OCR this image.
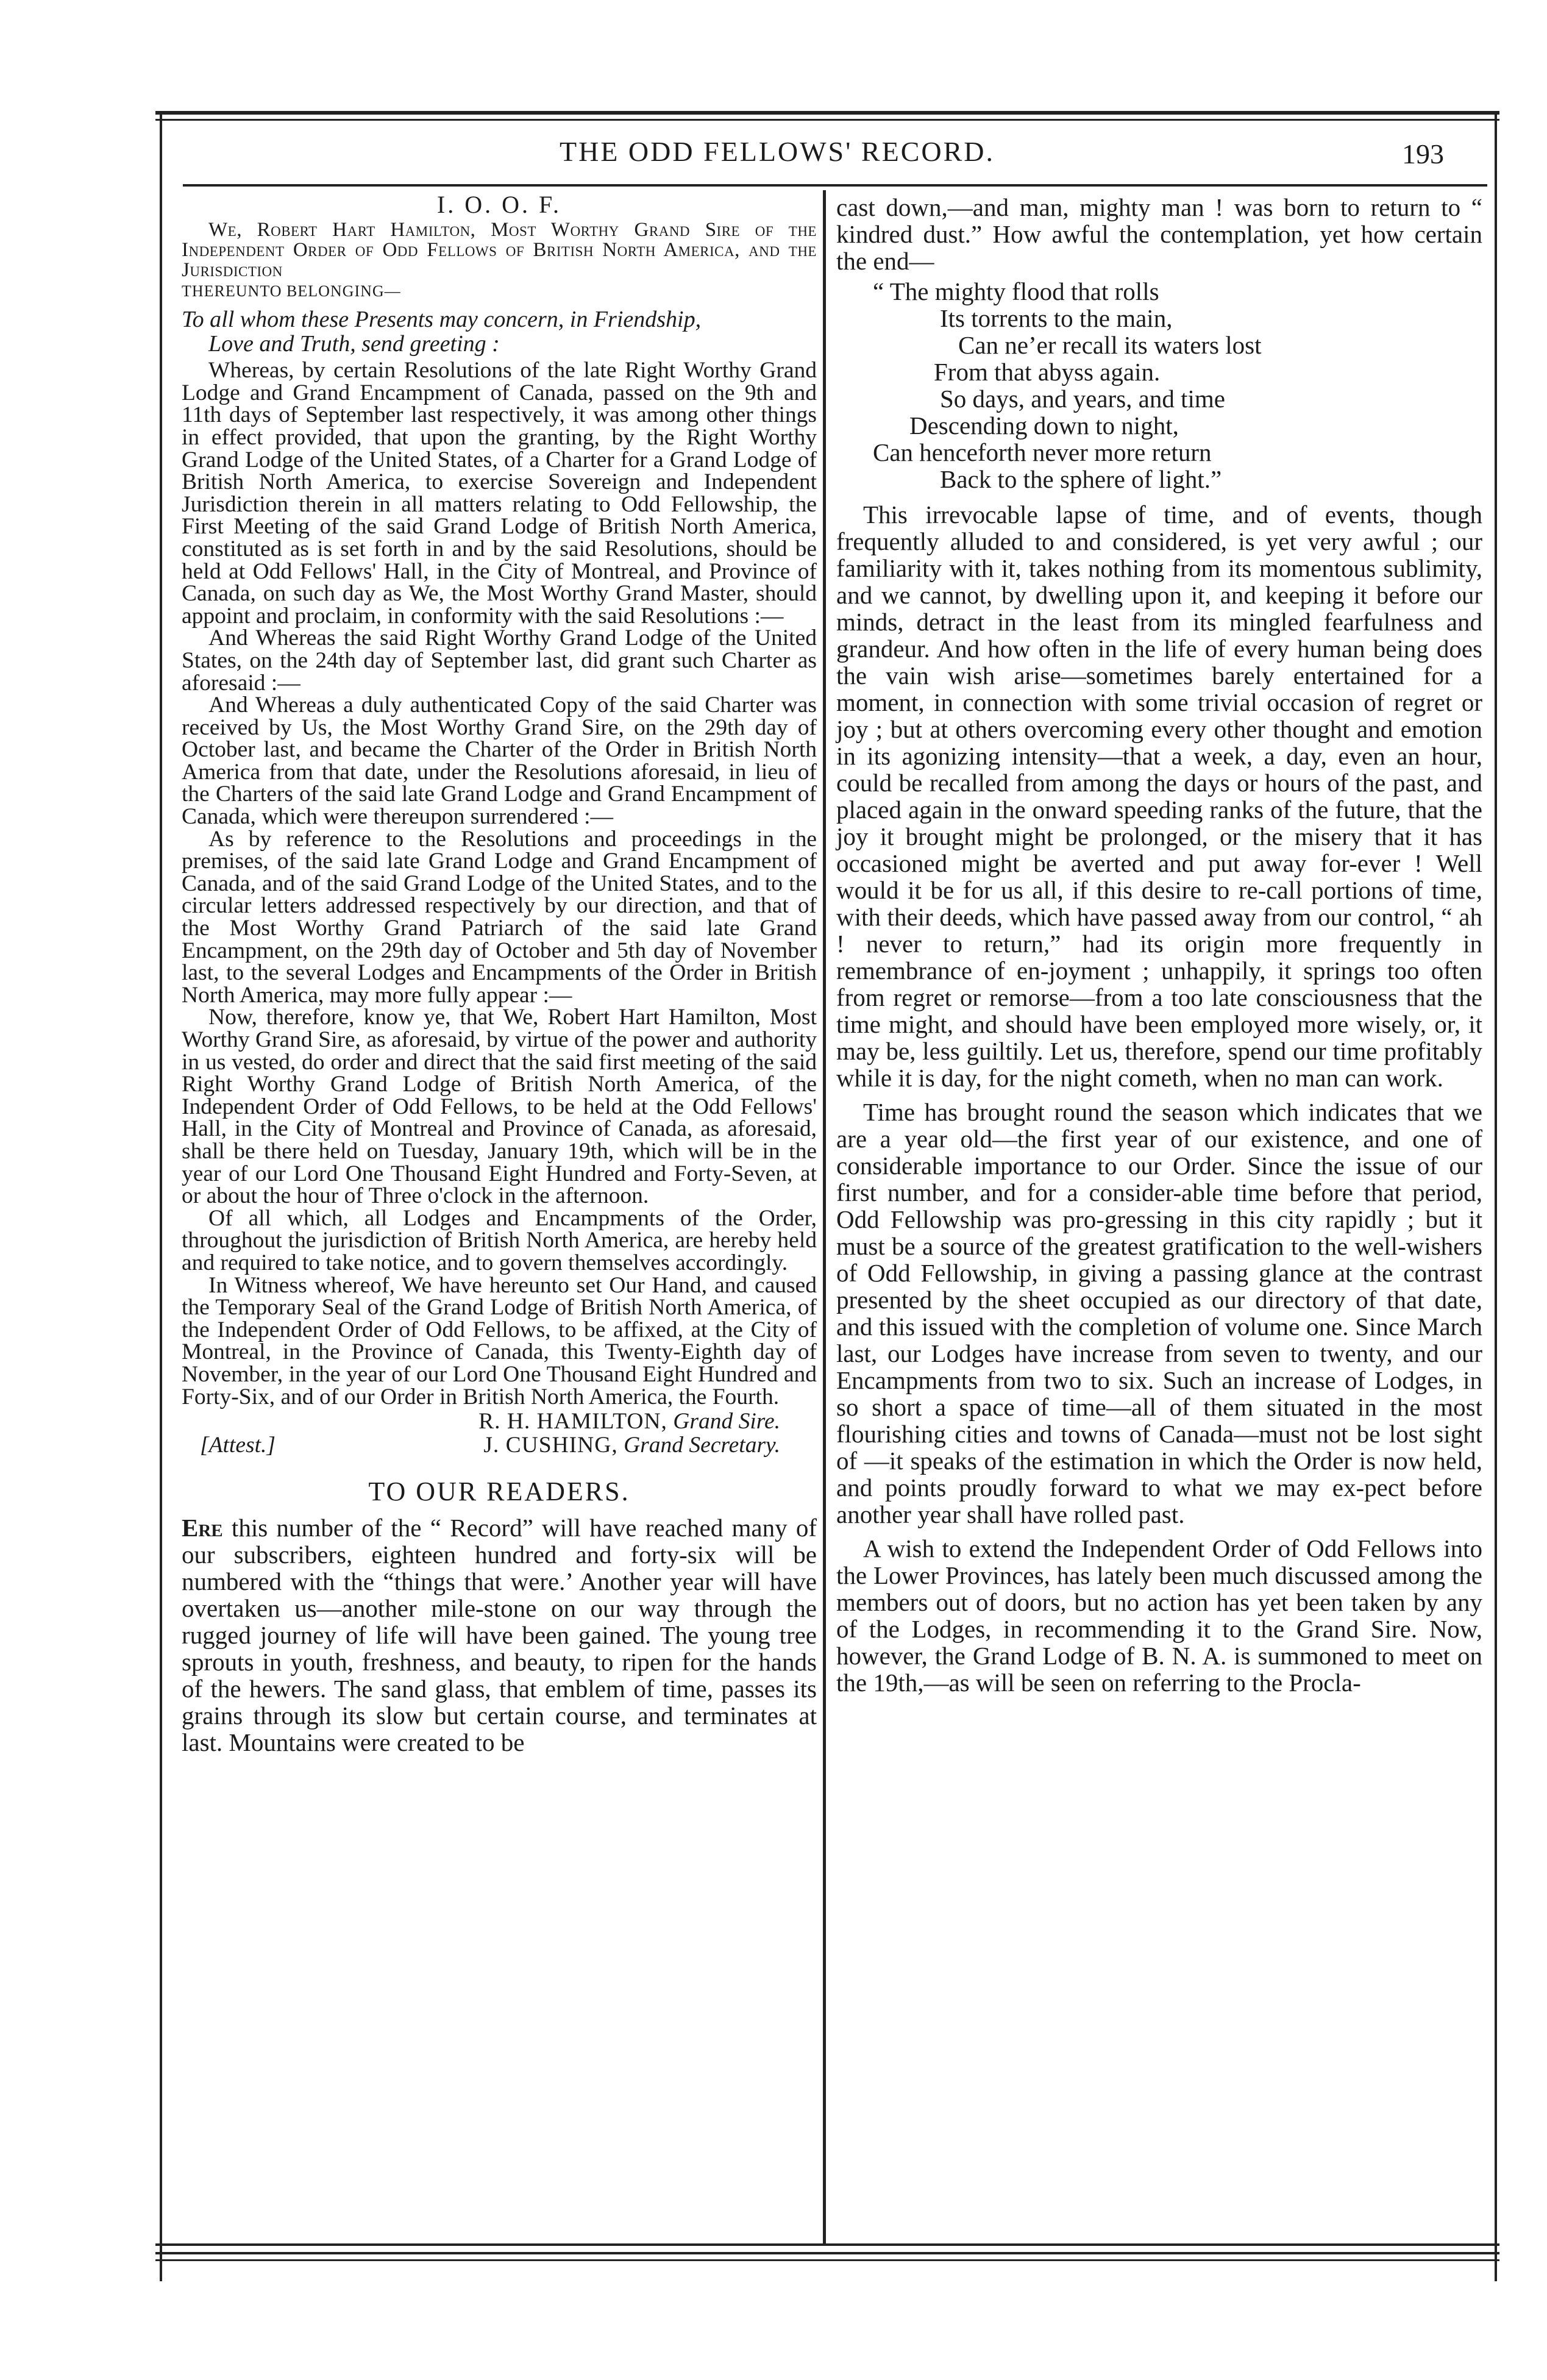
THE ODD FELLOWS' RECORD.	193
I. O. O. F.

We, Robert Hart Hamilton, Most Worthy Grand Sire of the Independent Order of Odd Fellows of British North America, and the Jurisdiction

THEREUNTO BELONGING—

To all whom these Presents may concern, in Friendship,
Love and Truth, send greeting :

Whereas, by certain Resolutions of the late Right Worthy Grand Lodge and Grand Encampment of Canada, passed on the 9th and 11th days of September last respectively, it was among other things in effect provided, that upon the granting, by the Right Worthy Grand Lodge of the United States, of a Charter for a Grand Lodge of British North America, to exercise Sovereign and Independent Jurisdiction therein in all matters relating to Odd Fellowship, the First Meeting of the said Grand Lodge of British North America, constituted as is set forth in and by the said Resolutions, should be held at Odd Fellows' Hall, in the City of Montreal, and Province of Canada, on such day as We, the Most Worthy Grand Master, should appoint and proclaim, in conformity with the said Resolutions :—

And Whereas the said Right Worthy Grand Lodge of the United States, on the 24th day of September last, did grant such Charter as aforesaid :—

And Whereas a duly authenticated Copy of the said Charter was received by Us, the Most Worthy Grand Sire, on the 29th day of October last, and became the Charter of the Order in British North America from that date, under the Resolutions aforesaid, in lieu of the Charters of the said late Grand Lodge and Grand Encampment of Canada, which were thereupon surrendered :—

As by reference to the Resolutions and proceedings in the premises, of the said late Grand Lodge and Grand Encampment of Canada, and of the said Grand Lodge of the United States, and to the circular letters addressed respectively by our direction, and that of the Most Worthy Grand Patriarch of the said late Grand Encampment, on the 29th day of October and 5th day of November last, to the several Lodges and Encampments of the Order in British North America, may more fully appear :—

Now, therefore, know ye, that We, Robert Hart Hamilton, Most Worthy Grand Sire, as aforesaid, by virtue of the power and authority in us vested, do order and direct that the said first meeting of the said Right Worthy Grand Lodge of British North America, of the Independent Order of Odd Fellows, to be held at the Odd Fellows' Hall, in the City of Montreal and Province of Canada, as aforesaid, shall be there held on Tuesday, January 19th, which will be in the year of our Lord One Thousand Eight Hundred and Forty-Seven, at or about the hour of Three o'clock in the afternoon.

Of all which, all Lodges and Encampments of the Order, throughout the jurisdiction of British North America, are hereby held and required to take notice, and to govern themselves accordingly.

In Witness whereof, We have hereunto set Our Hand, and caused the Temporary Seal of the Grand Lodge of British North America, of the Independent Order of Odd Fellows, to be affixed, at the City of Montreal, in the Province of Canada, this Twenty-Eighth day of November, in the year of our Lord One Thousand Eight Hundred and Forty-Six, and of our Order in British North America, the Fourth.

R. H. HAMILTON, Grand Sire.
[Attest.]	J. CUSHING, Grand Secretary.
TO OUR READERS.

Ere this number of the “ Record” will have reached many of our subscribers, eighteen hundred and forty-six will be numbered with the “things that were.’ Another year will have overtaken us—another mile-stone on our way through the rugged journey of life will have been gained. The young tree sprouts in youth, freshness, and beauty, to ripen for the hands of the hewers. The sand glass, that emblem of time, passes its grains through its slow but certain course, and terminates at last. Mountains were created to be

cast down,—and man, mighty man ! was born to return to “ kindred dust.” How awful the contemplation, yet how certain the end—

“ The mighty flood that rolls
Its torrents to the main,
Can ne’er recall its waters lost
From that abyss again.
So days, and years, and time
Descending down to night,
Can henceforth never more return
Back to the sphere of light.”

This irrevocable lapse of time, and of events, though frequently alluded to and considered, is yet very awful ; our familiarity with it, takes nothing from its momentous sublimity, and we cannot, by dwelling upon it, and keeping it before our minds, detract in the least from its mingled fearfulness and grandeur. And how often in the life of every human being does the vain wish arise—sometimes barely entertained for a moment, in connection with some trivial occasion of regret or joy ; but at others overcoming every other thought and emotion in its agonizing intensity—that a week, a day, even an hour, could be recalled from among the days or hours of the past, and placed again in the onward speeding ranks of the future, that the joy it brought might be prolonged, or the misery that it has occasioned might be averted and put away for-ever ! Well would it be for us all, if this desire to re-call portions of time, with their deeds, which have passed away from our control, “ ah ! never to return,” had its origin more frequently in remembrance of en-joyment ; unhappily, it springs too often from regret or remorse—from a too late consciousness that the time might, and should have been employed more wisely, or, it may be, less guiltily. Let us, therefore, spend our time profitably while it is day, for the night cometh, when no man can work.

Time has brought round the season which indicates that we are a year old—the first year of our existence, and one of considerable importance to our Order. Since the issue of our first number, and for a consider-able time before that period, Odd Fellowship was pro-gressing in this city rapidly ; but it must be a source of the greatest gratification to the well-wishers of Odd Fellowship, in giving a passing glance at the contrast presented by the sheet occupied as our directory of that date, and this issued with the completion of volume one. Since March last, our Lodges have increase from seven to twenty, and our Encampments from two to six. Such an increase of Lodges, in so short a space of time—all of them situated in the most flourishing cities and towns of Canada—must not be lost sight of —it speaks of the estimation in which the Order is now held, and points proudly forward to what we may ex-pect before another year shall have rolled past.

A wish to extend the Independent Order of Odd Fellows into the Lower Provinces, has lately been much discussed among the members out of doors, but no action has yet been taken by any of the Lodges, in recommending it to the Grand Sire. Now, however, the Grand Lodge of B. N. A. is summoned to meet on the 19th,—as will be seen on referring to the Procla-
